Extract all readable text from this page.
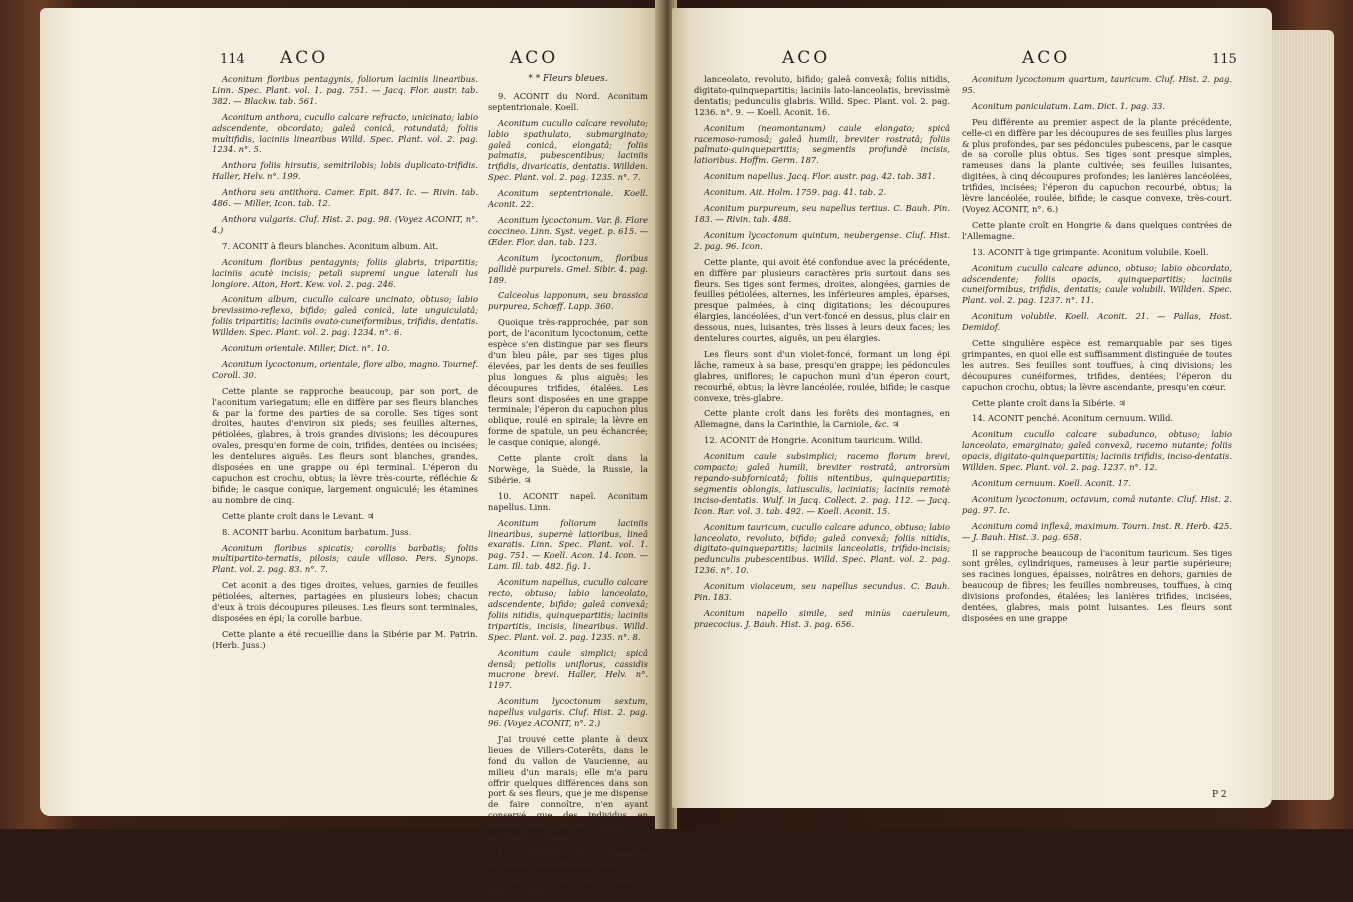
114 ACO	ACO

Aconitum floribus pentagynis, foliorum laciniis linearibus. Linn. Spec. Plant. vol. 1. pag. 751. — Jacq. Flor. austr. tab. 382. — Blackw. tab. 561.

Aconitum anthora, cucullo calcare refracto, unicinato; labio adscendente, obcordato; galeâ conicâ, rotundatâ; foliis multifidis, laciniis linearibus Willd. Spec. Plant. vol. 2. pag. 1234. n°. 5.

Anthora foliis hirsutis, semitrilobis; lobis duplicato-trifidis. Haller, Helv. n°. 199.

Anthora seu antithora. Camer. Epit. 847. Ic. — Rivin. tab. 486. — Miller, Icon. tab. 12.

Anthora vulgaris. Cluf. Hist. 2. pag. 98. (Voyez ACONIT, n°. 4.)

7. ACONIT à fleurs blanches. Aconitum album. Ait.

Aconitum floribus pentagynis; foliis glabris, tripartitis; laciniis acutè incisis; petali supremi ungue laterali lus longiore. Aiton, Hort. Kew. vol. 2. pag. 246.

Aconitum album, cucullo calcare uncinato, obtuso; labio brevissimo-reflexo, bifido; galeâ conicâ, late unguiculatâ; foliis tripartitis; laciniis ovato-cuneiformibus, trifidis, dentatis. Willden. Spec. Plant. vol. 2. pag. 1234. n°. 6.

Aconitum orientale. Miller, Dict. n°. 10.

Aconitum lycoctonum, orientale, flore albo, magno. Tournef. Coroll. 30.

Cette plante se rapproche beaucoup, par son port, de l'aconitum variegatum; elle en diffère par ses fleurs blanches & par la forme des parties de sa corolle. Ses tiges sont droites, hautes d'environ six pieds; ses feuilles alternes, pétiolées, glabres, à trois grandes divisions; les découpures ovales, presqu'en forme de coin, trifides, dentées ou incisées; les dentelures aiguës. Les fleurs sont blanches, grandes, disposées en une grappe ou épi terminal. L'éperon du capuchon est crochu, obtus; la lèvre très-courte, réfléchie & bifide; le casque conique, largement onguiculé; les étamines au nombre de cinq.

Cette plante croît dans le Levant. ♃

8. ACONIT barbu. Aconitum barbatum. Juss.

Aconitum floribus spicatis; corollis barbatis; foliis multipartito-ternatis, pilosis; caule villoso. Pers. Synops. Plant. vol. 2. pag. 83. n°. 7.

Cet aconit a des tiges droites, velues, garnies de feuilles pétiolées, alternes, partagées en plusieurs lobes; chacun d'eux à trois découpures pileuses. Les fleurs sont terminales, disposées en épi; la corolle barbue.

Cette plante a été recueillie dans la Sibérie par M. Patrin. (Herb. Juss.)

* * Fleurs bleues.

9. ACONIT du Nord. Aconitum septentrionale. Koell.

Aconitum cucullo calcare revoluto; labio spathulato, submarginato; galeâ conicâ, elongatâ; foliis palmatis, pubescentibus; laciniis trifidis, divaricatis, dentatis. Willden. Spec. Plant. vol. 2. pag. 1235. n°. 7.

Aconitum septentrionale. Koell. Aconit. 22.

Aconitum lycoctonum. Var. β. Flore coccineo. Linn. Syst. veget. p. 615. — Œder. Flor. dan. tab. 123.

Aconitum lycoctonum, floribus pallidè purpureis. Gmel. Sibir. 4. pag. 189.

Calceolus lapponum, seu brassica purpurea, Schœff. Lapp. 360.

Quoique très-rapprochée, par son port, de l'aconitum lycoctonum, cette espèce s'en distingue par ses fleurs d'un bleu pâle, par ses tiges plus élevées, par les dents de ses feuilles plus longues & plus aiguës; les découpures trifides, étalées. Les fleurs sont disposées en une grappe terminale; l'éperon du capuchon plus oblique, roulé en spirale; la lèvre en forme de spatule, un peu échancrée; le casque conique, alongé.

Cette plante croît dans la Norwège, la Suède, la Russie, la Sibérie. ♃

10. ACONIT napel. Aconitum napellus. Linn.

Aconitum foliorum laciniis linearibus, supernè latioribus, lineâ exaratis. Linn. Spec. Plant. vol. 1. pag. 751. — Koell. Acon. 14. Icon. — Lam. Ill. tab. 482. fig. 1.

Aconitum napellus, cucullo calcare recto, obtuso; labio lanceolato, adscendente, bifido; galeâ convexâ; foliis nitidis, quinquepartitis; laciniis tripartitis, incisis, linearibus. Willd. Spec. Plant. vol. 2. pag. 1235. n°. 8.

Aconitum caule simplici; spicâ densâ; petiolis uniflorus, cassidis mucrone brevi. Haller, Helv. n°. 1197.

Aconitum lycoctonum sextum, napellus vulgaris. Cluf. Hist. 2. pag. 96. (Voyez ACONIT, n°. 2.)

J'ai trouvé cette plante à deux lieues de Villers-Coterêts, dans le fond du vallon de Vaucienne, au milieu d'un marais; elle m'a paru offrir quelques différences dans son port & ses fleurs, que je me dispense de faire connoître, n'en ayant conservé que des individus en mauvais état. Il paroît se rapprocher de l'espèce suivante.

11. ACONIT de Neubourg. Aconitum neomontanum. Koell.

Aconitum cucullo calcare adunco, obtuso; labio

ACO	ACO	115

lanceolato, revoluto, bifido; galeâ convexâ; foliis nitidis, digitato-quinquepartitis; laciniis lato-lanceolatis, brevissimè dentatis; pedunculis glabris. Willd. Spec. Plant. vol. 2. pag. 1236. n°. 9. — Koell. Aconit. 16.

Aconitum (neomontanum) caule elongato; spicâ racemoso-ramosâ; galeâ humili, breviter rostratâ; foliis palmato-quinquepartitis; segmentis profundè incisis, latioribus. Hoffm. Germ. 187.

Aconitum napellus. Jacq. Flor. austr. pag. 42. tab. 381.

Aconitum. Ait. Holm. 1759. pag. 41. tab. 2.

Aconitum purpureum, seu napellus tertius. C. Bauh. Pin. 183. — Rivin. tab. 488.

Aconitum lycoctonum quintum, neubergense. Cluf. Hist. 2. pag. 96. Icon.

Cette plante, qui avoit été confondue avec la précédente, en diffère par plusieurs caractères pris surtout dans ses fleurs. Ses tiges sont fermes, droites, alongées, garnies de feuilles pétiolées, alternes, les inférieures amples, éparses, presque palmées, à cinq digitations; les découpures élargies, lancéolées, d'un vert-foncé en dessus, plus clair en dessous, nues, luisantes, très lisses à leurs deux faces; les dentelures courtes, aiguës, un peu élargies.

Les fleurs sont d'un violet-foncé, formant un long épi lâche, rameux à sa base, presqu'en grappe; les pédoncules glabres, uniflores; le capuchon muni d'un éperon court, recourbé, obtus; la lèvre lancéolée, roulée, bifide; le casque convexe, très-glabre.

Cette plante croît dans les forêts des montagnes, en Allemagne, dans la Carinthie, la Carniole, &c. ♃

12. ACONIT de Hongrie. Aconitum tauricum. Willd.

Aconitum caule subsimplici; racemo florum brevi, compacto; galeâ humili, breviter rostratâ, antrorsùm repando-subfornicatâ; foliis nitentibus, quinquepartitis; segmentis oblongis, latiusculis, laciniatis; laciniis remotè inciso-dentatis. Wulf. in Jacq. Collect. 2. pag. 112. — Jacq. Icon. Rar. vol. 3. tab. 492. — Koell. Aconit. 15.

Aconitum tauricum, cucullo calcare adunco, obtuso; labio lanceolato, revoluto, bifido; galeâ convexâ; foliis nitidis, digitato-quinquepartitis; laciniis lanceolatis, trifido-incisis; pedunculis pubescentibus. Willd. Spec. Plant. vol. 2. pag. 1236. n°. 10.

Aconitum violaceum, seu napellus secundus. C. Bauh. Pin. 183.

Aconitum napello simile, sed minùs caeruleum, praecocius. J. Bauh. Hist. 3. pag. 656.

Aconitum lycoctonum quartum, tauricum. Cluf. Hist. 2. pag. 95.

Aconitum paniculatum. Lam. Dict. 1. pag. 33.

Peu différente au premier aspect de la plante précédente, celle-ci en diffère par les découpures de ses feuilles plus larges & plus profondes, par ses pédoncules pubescens, par le casque de sa corolle plus obtus. Ses tiges sont presque simples, rameuses dans la plante cultivée; ses feuilles luisantes, digitées, à cinq découpures profondes; les lanières lancéolées, trifides, incisées; l'éperon du capuchon recourbé, obtus; la lèvre lancéolée, roulée, bifide; le casque convexe, très-court. (Voyez ACONIT, n°. 6.)

Cette plante croît en Hongrie & dans quelques contrées de l'Allemagne.

13. ACONIT à tige grimpante. Aconitum volubile. Koell.

Aconitum cucullo calcare adunco, obtuso; labio obcordato, adscendente; foliis opacis, quinquepartitis; laciniis cuneiformibus, trifidis, dentatis; caule volubili. Willden. Spec. Plant. vol. 2. pag. 1237. n°. 11.

Aconitum volubile. Koell. Aconit. 21. — Pallas, Host. Demidof.

Cette singulière espèce est remarquable par ses tiges grimpantes, en quoi elle est suffisamment distinguée de toutes les autres. Ses feuilles sont touffues, à cinq divisions; les découpures cunéiformes, trifides, dentées; l'éperon du capuchon crochu, obtus; la lèvre ascendante, presqu'en cœur.

Cette plante croît dans la Sibérie. ♃

14. ACONIT penché. Aconitum cernuum. Willd.

Aconitum cucullo calcare subadunco, obtuso; labio lanceolato, emarginato; galeâ convexâ, racemo nutante; foliis opacis, digitato-quinquepartitis; laciniis trifidis, inciso-dentatis. Willden. Spec. Plant. vol. 2. pag. 1237. n°. 12.

Aconitum cernuum. Koell. Aconit. 17.

Aconitum lycoctonum, octavum, comâ nutante. Cluf. Hist. 2. pag. 97. Ic.

Aconitum comâ inflexâ, maximum. Tourn. Inst. R. Herb. 425. — J. Bauh. Hist. 3. pag. 658.

Il se rapproche beaucoup de l'aconitum tauricum. Ses tiges sont grêles, cylindriques, rameuses à leur partie supérieure; ses racines longues, épaisses, noirâtres en dehors, garnies de beaucoup de fibres; les feuilles nombreuses, touffues, à cinq divisions profondes, étalées; les lanières trifides, incisées, dentées, glabres, mais point luisantes. Les fleurs sont disposées en une grappe

P 2
